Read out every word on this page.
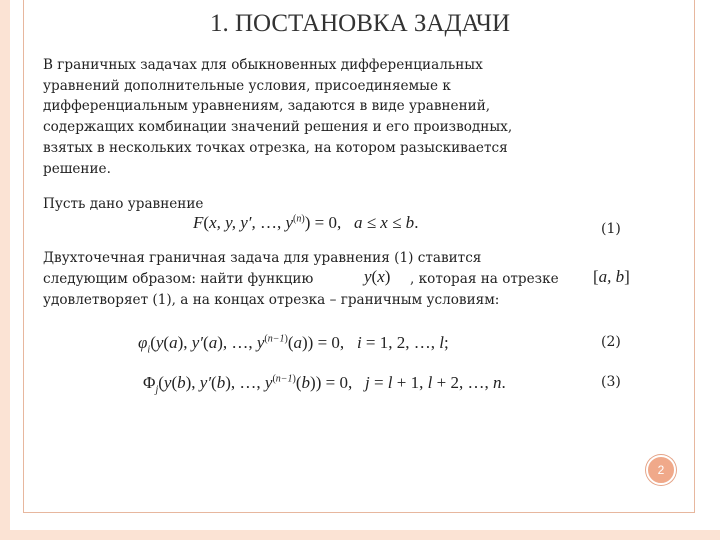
1. ПОСТАНОВКА ЗАДАЧИ
В граничных задачах для обыкновенных дифференциальных
уравнений дополнительные условия, присоединяемые к
дифференциальным уравнениям, задаются в виде уравнений,
содержащих комбинации значений решения и его производных,
взятых в нескольких точках отрезка, на котором разыскивается
решение.
Пусть дано уравнение
F(x, y, y′, …, $y^{(n)}) = 0$,   a ≤ x ≤ b.	(1)
Двухточечная граничная задача для уравнения (1) ставится
следующим образом: найти функцию	y(x) , которая на отрезке [a, b]
удовлетворяет (1), а на концах отрезка – граничным условиям:
$\varphi_i(y(a)$, y′(a), …, $y^{(n-1)}(a)) = 0$,   i = 1, 2, …, l;	(2)
$\Phi_j(y(b)$, y′(b), …, $y^{(n-1)}(b)) = 0$,   j = l + 1, l + 2, …, n.	(3)
2
